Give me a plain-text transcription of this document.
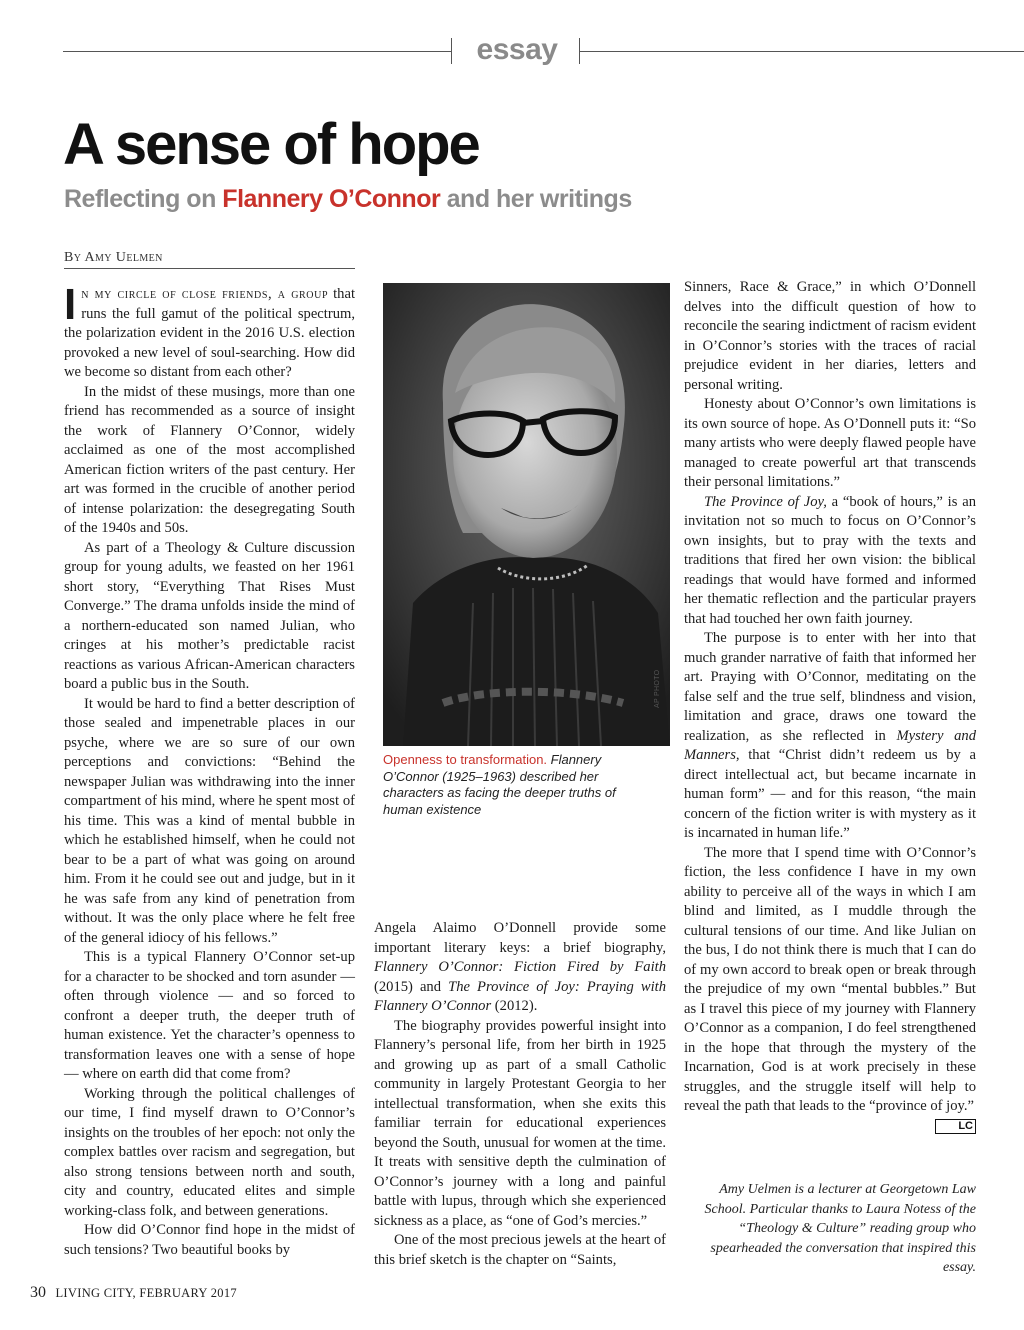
essay
A sense of hope
Reflecting on Flannery O’Connor and her writings
By Amy Uelmen

In my circle of close friends, a group that runs the full gamut of the political spectrum, the polarization evident in the 2016 U.S. election provoked a new level of soul-searching. How did we become so distant from each other?

In the midst of these musings, more than one friend has recommended as a source of insight the work of Flannery O’Connor, widely acclaimed as one of the most accomplished American fiction writers of the past century. Her art was formed in the crucible of another period of intense polarization: the desegregating South of the 1940s and 50s.

As part of a Theology & Culture discussion group for young adults, we feasted on her 1961 short story, “Everything That Rises Must Converge.” The drama unfolds inside the mind of a northern-educated son named Julian, who cringes at his mother’s predictable racist reactions as various African-American characters board a public bus in the South.

It would be hard to find a better description of those sealed and impenetrable places in our psyche, where we are so sure of our own perceptions and convictions: “Behind the newspaper Julian was withdrawing into the inner compartment of his mind, where he spent most of his time. This was a kind of mental bubble in which he established himself, when he could not bear to be a part of what was going on around him. From it he could see out and judge, but in it he was safe from any kind of penetration from without. It was the only place where he felt free of the general idiocy of his fellows.”

This is a typical Flannery O’Connor set-up for a character to be shocked and torn asunder — often through violence — and so forced to confront a deeper truth, the deeper truth of human existence. Yet the character’s openness to transformation leaves one with a sense of hope — where on earth did that come from?

Working through the political challenges of our time, I find myself drawn to O’Connor’s insights on the troubles of her epoch: not only the complex battles over racism and segregation, but also strong tensions between north and south, city and country, educated elites and simple working-class folk, and between generations.

How did O’Connor find hope in the midst of such tensions? Two beautiful books by

AP PHOTO
Openness to transformation. Flannery O’Connor (1925–1963) described her characters as facing the deeper truths of human existence

Angela Alaimo O’Donnell provide some important literary keys: a brief biography, Flannery O’Connor: Fiction Fired by Faith (2015) and The Province of Joy: Praying with Flannery O’Connor (2012).

The biography provides powerful insight into Flannery’s personal life, from her birth in 1925 and growing up as part of a small Catholic community in largely Protestant Georgia to her intellectual transformation, when she exits this familiar terrain for educational experiences beyond the South, unusual for women at the time. It treats with sensitive depth the culmination of O’Connor’s journey with a long and painful battle with lupus, through which she experienced sickness as a place, as “one of God’s mercies.”

One of the most precious jewels at the heart of this brief sketch is the chapter on “Saints,

Sinners, Race & Grace,” in which O’Donnell delves into the difficult question of how to reconcile the searing indictment of racism evident in O’Connor’s stories with the traces of racial prejudice evident in her diaries, letters and personal writing.

Honesty about O’Connor’s own limitations is its own source of hope. As O’Donnell puts it: “So many artists who were deeply flawed people have managed to create powerful art that transcends their personal limitations.”

The Province of Joy, a “book of hours,” is an invitation not so much to focus on O’Connor’s own insights, but to pray with the texts and traditions that fired her own vision: the biblical readings that would have formed and informed her thematic reflection and the particular prayers that had touched her own faith journey.

The purpose is to enter with her into that much grander narrative of faith that informed her art. Praying with O’Connor, meditating on the false self and the true self, blindness and vision, limitation and grace, draws one toward the realization, as she reflected in Mystery and Manners, that “Christ didn’t redeem us by a direct intellectual act, but became incarnate in human form” — and for this reason, “the main concern of the fiction writer is with mystery as it is incarnated in human life.”

The more that I spend time with O’Connor’s fiction, the less confidence I have in my own ability to perceive all of the ways in which I am blind and limited, as I muddle through the cultural tensions of our time. And like Julian on the bus, I do not think there is much that I can do of my own accord to break open or break through the prejudice of my own “mental bubbles.” But as I travel this piece of my journey with Flannery O’Connor as a companion, I do feel strengthened in the hope that through the mystery of the Incarnation, God is at work precisely in these struggles, and the struggle itself will help to reveal the path that leads to the “province of joy.”
LC

Amy Uelmen is a lecturer at Georgetown Law School. Particular thanks to Laura Notess of the “Theology & Culture” reading group who spearheaded the conversation that inspired this essay.
30 LIVING CITY, FEBRUARY 2017
